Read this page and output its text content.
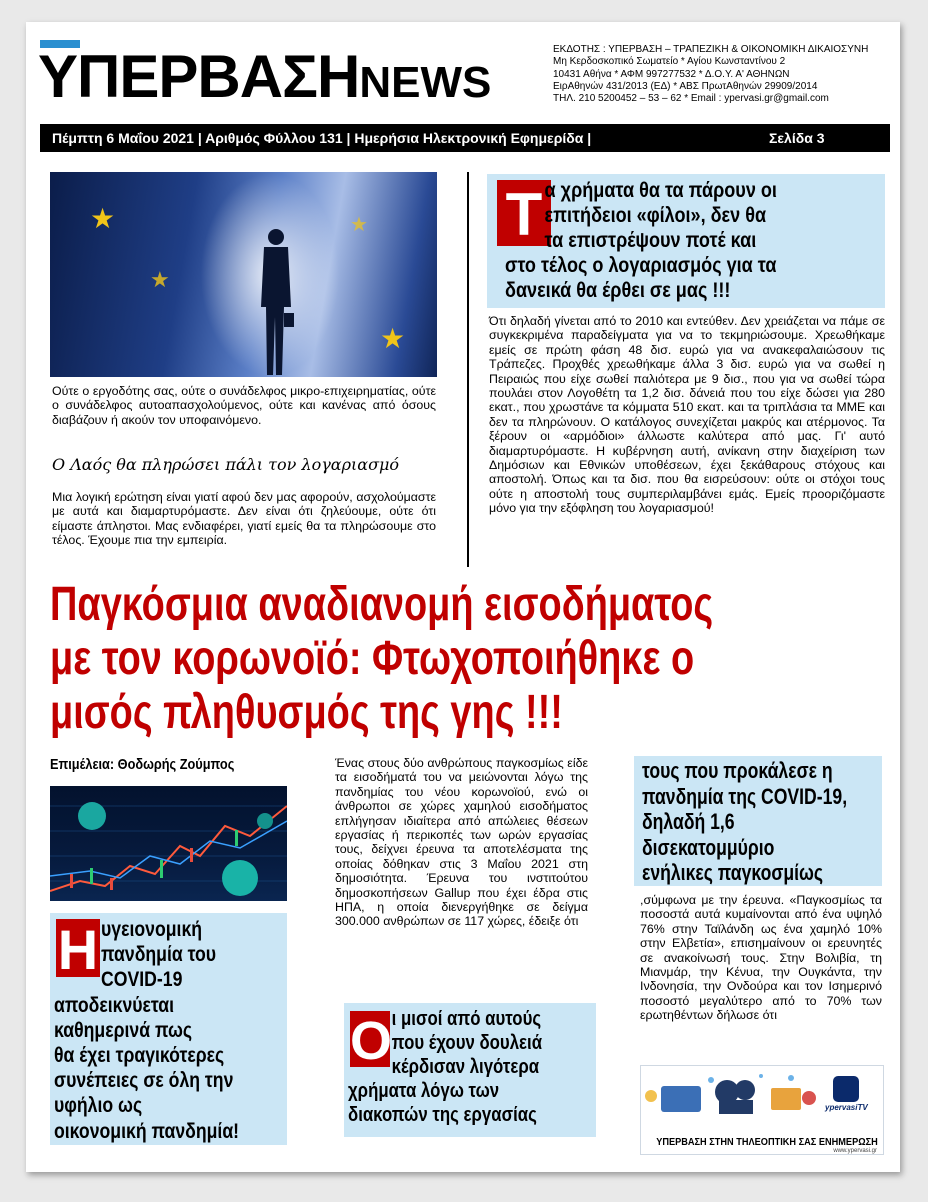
ΥΠΕΡΒΑΣΗNEWS
ΕΚΔΟΤΗΣ : ΥΠΕΡΒΑΣΗ – ΤΡΑΠΕΖΙΚΗ & ΟΙΚΟΝΟΜΙΚΗ ΔΙΚΑΙΟΣΥΝΗ
Μη Κερδοσκοπικό Σωματείο * Αγίου Κωνσταντίνου 2
10431 Αθήνα * ΑΦΜ 997277532 * Δ.Ο.Υ. Α' ΑΘΗΝΩΝ
ΕιρΑθηνών 431/2013 (ΕΔ) * ΑΒΣ ΠρωτΑθηνών 29909/2014
ΤΗΛ. 210 5200452 – 53 – 62 * Email : ypervasi.gr@gmail.com
Πέμπτη 6 Μαΐου 2021 | Αριθμός Φύλλου 131 | Ημερήσια Ηλεκτρονική Εφημερίδα |	Σελίδα 3
★
★
★
★

Ούτε ο εργοδότης σας, ούτε ο συνάδελφος μικρο-επιχειρηματίας, ούτε ο συνάδελφος αυτοαπασχολούμενος, ούτε και κανένας από όσους διαβάζουν ή ακούν τον υποφαινόμενο.

Ο Λαός θα πληρώσει πάλι τον λογαριασμό

Μια λογική ερώτηση είναι γιατί αφού δεν μας αφορούν, ασχολούμαστε με αυτά και διαμαρτυρόμαστε. Δεν είναι ότι ζηλεύουμε, ούτε ότι είμαστε άπληστοι. Μας ενδιαφέρει, γιατί εμείς θα τα πληρώσουμε στο τέλος. Έχουμε πια την εμπειρία.

Τ α χρήματα θα τα πάρουν οι
επιτήδειοι «φίλοι», δεν θα
τα επιστρέψουν ποτέ και
στο τέλος ο λογαριασμός για τα
δανεικά θα έρθει σε μας !!!

Ότι δηλαδή γίνεται από το 2010 και εντεύθεν. Δεν χρειάζεται να πάμε σε συγκεκριμένα παραδείγματα για να το τεκμηριώσουμε. Χρεωθήκαμε εμείς σε πρώτη φάση 48 δισ. ευρώ για να ανακεφαλαιώσουν τις Τράπεζες. Προχθές χρεωθήκαμε άλλα 3 δισ. ευρώ για να σωθεί η Πειραιώς που είχε σωθεί παλιότερα με 9 δισ., που για να σωθεί τώρα πουλάει στον Λογοθέτη τα 1,2 δισ. δάνειά που του είχε δώσει για 280 εκατ., που χρωστάνε τα κόμματα 510 εκατ. και τα τριπλάσια τα ΜΜΕ και δεν τα πληρώνουν. Ο κατάλογος συνεχίζεται μακρύς και ατέρμονος. Τα ξέρουν οι «αρμόδιοι» άλλωστε καλύτερα από μας. Γι' αυτό διαμαρτυρόμαστε. Η κυβέρνηση αυτή, ανίκανη στην διαχείριση των Δημόσιων και Εθνικών υποθέσεων, έχει ξεκάθαρους στόχους και αποστολή. Όπως και τα δισ. που θα εισρεύσουν: ούτε οι στόχοι τους ούτε η αποστολή τους συμπεριλαμβάνει εμάς. Εμείς προοριζόμαστε μόνο για την εξόφληση του λογαριασμού!

Παγκόσμια αναδιανομή εισοδήματος
με τον κορωνοϊό: Φτωχοποιήθηκε ο
μισός πληθυσμός της γης !!!
Επιμέλεια: Θοδωρής Ζούμπος
Η υγειονομική
πανδημία του
COVID-19
αποδεικνύεται
καθημερινά πως
θα έχει τραγικότερες
συνέπειες σε όλη την
υφήλιο ως
οικονομική πανδημία!

Ένας στους δύο ανθρώπους παγκοσμίως είδε τα εισοδήματά του να μειώνονται λόγω της πανδημίας του νέου κορωνοϊού, ενώ οι άνθρωποι σε χώρες χαμηλού εισοδήματος επλήγησαν ιδιαίτερα από απώλειες θέσεων εργασίας ή περικοπές των ωρών εργασίας τους, δείχνει έρευνα τα αποτελέσματα της οποίας δόθηκαν στις 3 Μαΐου 2021 στη δημοσιότητα. Έρευνα του ινστιτούτου δημοσκοπήσεων Gallup που έχει έδρα στις ΗΠΑ, η οποία διενεργήθηκε σε δείγμα 300.000 ανθρώπων σε 117 χώρες, έδειξε ότι

Ο ι μισοί από αυτούς
που έχουν δουλειά
κέρδισαν λιγότερα
χρήματα λόγω των
διακοπών της εργασίας
τους που προκάλεσε η
πανδημία της COVID-19,
δηλαδή 1,6
δισεκατομμύριο
ενήλικες παγκοσμίως

,σύμφωνα με την έρευνα. «Παγκοσμίως τα ποσοστά αυτά κυμαίνονται από ένα υψηλό 76% στην Ταϊλάνδη ως ένα χαμηλό 10% στην Ελβετία», επισημαίνουν οι ερευνητές σε ανακοίνωσή τους. Στην Βολιβία, τη Μιανμάρ, την Κένυα, την Ουγκάντα, την Ινδονησία, την Ονδούρα και τον Ισημερινό ποσοστό μεγαλύτερο από το 70% των ερωτηθέντων δήλωσε ότι

ypervasiTV
ΥΠΕΡΒΑΣΗ ΣΤΗΝ ΤΗΛΕΟΠΤΙΚΗ ΣΑΣ ΕΝΗΜΕΡΩΣΗ
www.ypervasi.gr
